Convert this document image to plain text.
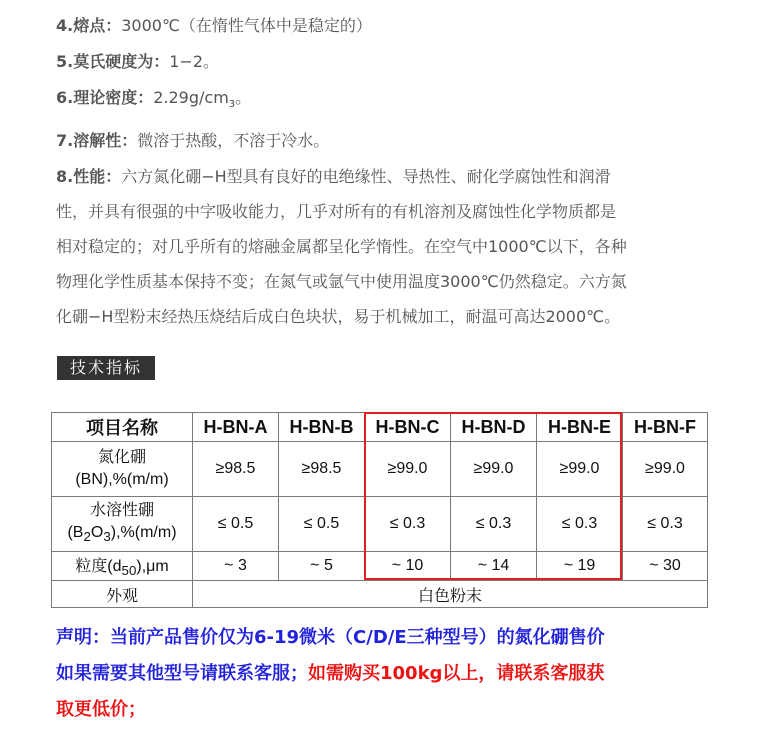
4.熔点：3000℃（在惰性气体中是稳定的）
5.莫氏硬度为：1−2。
6.理论密度：$2.29g/cm_3$。
7.溶解性：微溶于热酸，不溶于冷水。
8.性能：六方氮化硼−H型具有良好的电绝缘性、导热性、耐化学腐蚀性和润滑
性，并具有很强的中字吸收能力，几乎对所有的有机溶剂及腐蚀性化学物质都是
相对稳定的；对几乎所有的熔融金属都呈化学惰性。在空气中1000℃以下，各种
物理化学性质基本保持不变；在氮气或氩气中使用温度3000℃仍然稳定。六方氮
化硼−H型粉末经热压烧结后成白色块状，易于机械加工，耐温可高达2000℃。
技术指标
项目名称	H-BN-A	H-BN-B	H-BN-C	H-BN-D	H-BN-E	H-BN-F

氮化硼
(BN),%(m/m)	≥98.5	≥98.5	≥99.0	≥99.0	≥99.0	≥99.0

水溶性硼
$(B_2O_3),\%(m/m)$	≤ 0.5	≤ 0.5	≤ 0.3	≤ 0.3	≤ 0.3	≤ 0.3
粒度$(d_{50}),\mu m$	~ 3	~ 5	~ 10	~ 14	~ 19	~ 30
外观	白色粉末					
声明：当前产品售价仅为6-19微米（C/D/E三种型号）的氮化硼售价
如果需要其他型号请联系客服；如需购买100kg以上，请联系客服获
取更低价；
